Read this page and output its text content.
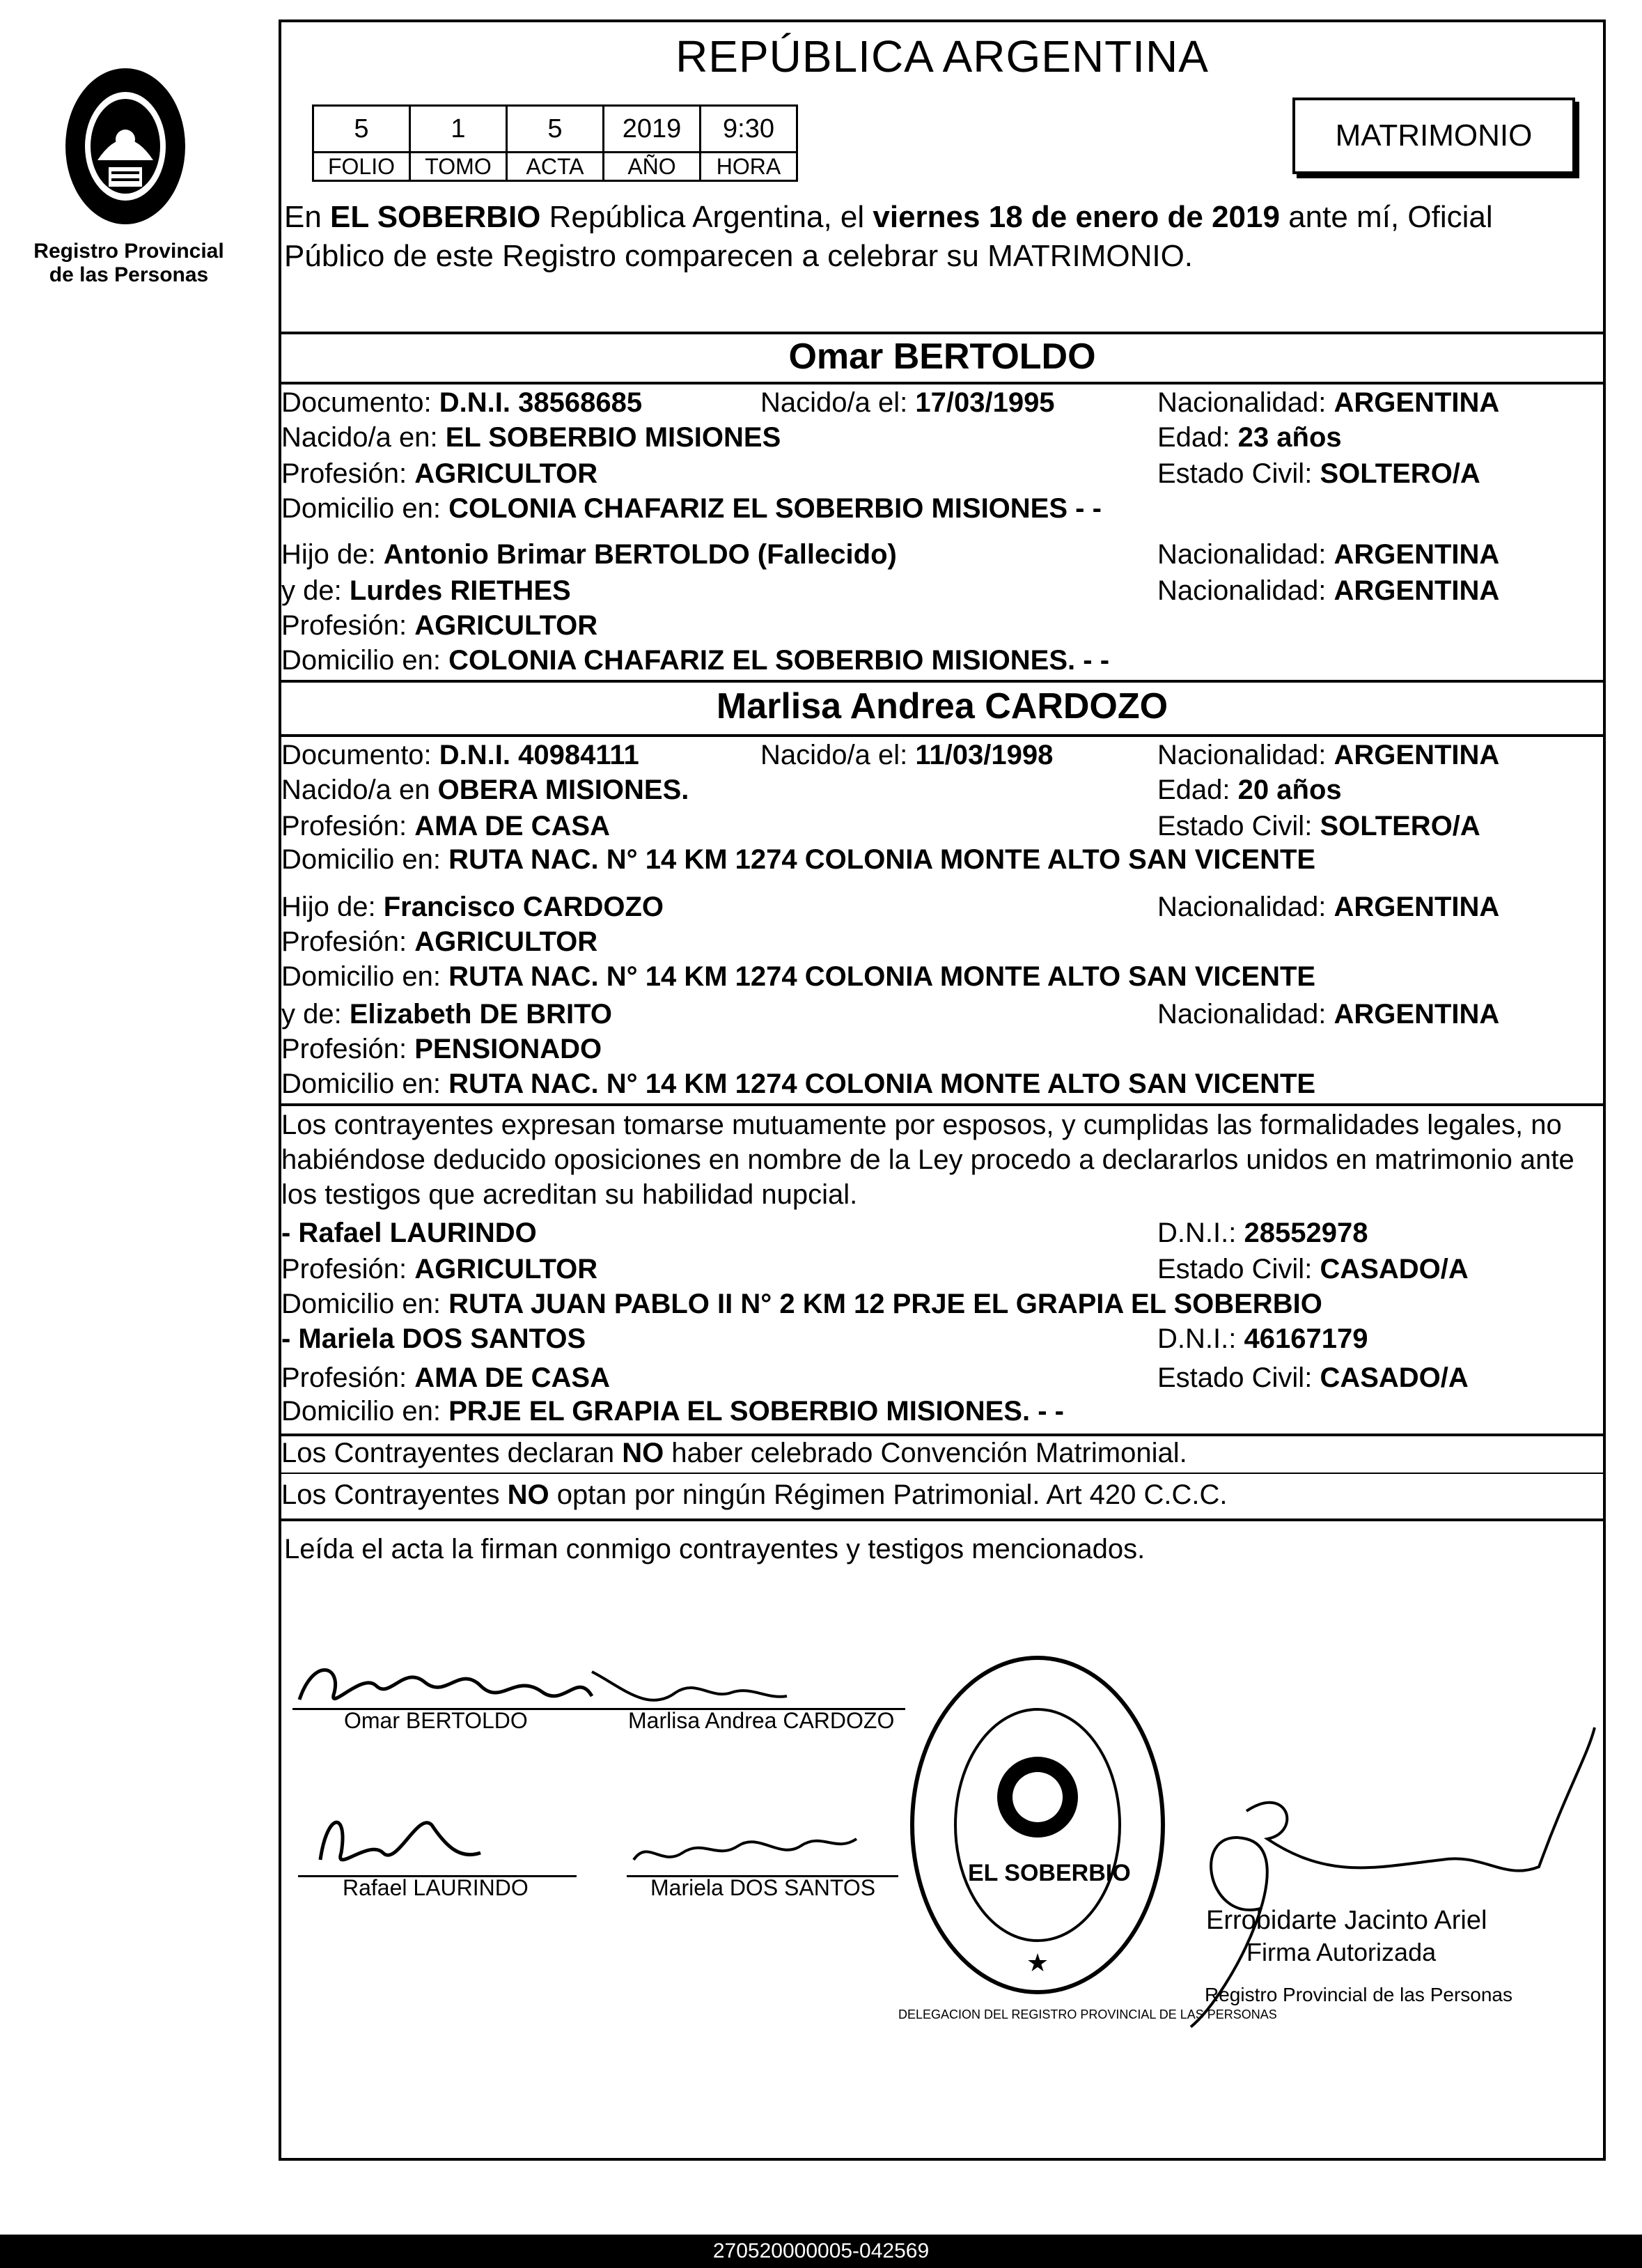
Registro Provincial
de las Personas
REPÚBLICA ARGENTINA
5	1	5	2019	9:30
FOLIO	TOMO	ACTA	AÑO	HORA
MATRIMONIO
En EL SOBERBIO República Argentina, el viernes 18 de enero de 2019 ante mí, Oficial Público de este Registro comparecen a celebrar su MATRIMONIO.
Omar BERTOLDO
Documento: D.N.I. 38568685	Nacido/a el: 17/03/1995	Nacionalidad: ARGENTINA
Nacido/a en: EL SOBERBIO MISIONES	Edad: 23 años
Profesión: AGRICULTOR	Estado Civil: SOLTERO/A
Domicilio en: COLONIA CHAFARIZ EL SOBERBIO MISIONES - -
Hijo de: Antonio Brimar BERTOLDO (Fallecido)	Nacionalidad: ARGENTINA
y de: Lurdes RIETHES	Nacionalidad: ARGENTINA
Profesión: AGRICULTOR
Domicilio en: COLONIA CHAFARIZ EL SOBERBIO MISIONES. - -
Marlisa Andrea CARDOZO
Documento: D.N.I. 40984111	Nacido/a el: 11/03/1998	Nacionalidad: ARGENTINA
Nacido/a en OBERA MISIONES.	Edad: 20 años
Profesión: AMA DE CASA	Estado Civil: SOLTERO/A
Domicilio en: RUTA NAC. N° 14 KM 1274 COLONIA MONTE ALTO SAN VICENTE
Hijo de: Francisco CARDOZO	Nacionalidad: ARGENTINA
Profesión: AGRICULTOR
Domicilio en: RUTA NAC. N° 14 KM 1274 COLONIA MONTE ALTO SAN VICENTE
y de: Elizabeth DE BRITO	Nacionalidad: ARGENTINA
Profesión: PENSIONADO
Domicilio en: RUTA NAC. N° 14 KM 1274 COLONIA MONTE ALTO SAN VICENTE
Los contrayentes expresan tomarse mutuamente por esposos, y cumplidas las formalidades legales, no habiéndose deducido oposiciones en nombre de la Ley procedo a declararlos unidos en matrimonio ante los testigos que acreditan su habilidad nupcial.
- Rafael LAURINDO	D.N.I.: 28552978
Profesión: AGRICULTOR	Estado Civil: CASADO/A
Domicilio en: RUTA JUAN PABLO II N° 2 KM 12 PRJE EL GRAPIA EL SOBERBIO
- Mariela DOS SANTOS	D.N.I.: 46167179
Profesión: AMA DE CASA	Estado Civil: CASADO/A
Domicilio en: PRJE EL GRAPIA EL SOBERBIO MISIONES. - -
Los Contrayentes declaran NO haber celebrado Convención Matrimonial.
Los Contrayentes NO optan por ningún Régimen Patrimonial. Art 420 C.C.C.
Leída el acta la firman conmigo contrayentes y testigos mencionados.
Omar BERTOLDO	Marlisa Andrea CARDOZO
Rafael LAURINDO	Mariela DOS SANTOS
★
EL SOBERBIO
DELEGACION DEL REGISTRO PROVINCIAL DE LAS PERSONAS
Errobidarte Jacinto Ariel
Firma Autorizada
Registro Provincial de las Personas
270520000005-042569
